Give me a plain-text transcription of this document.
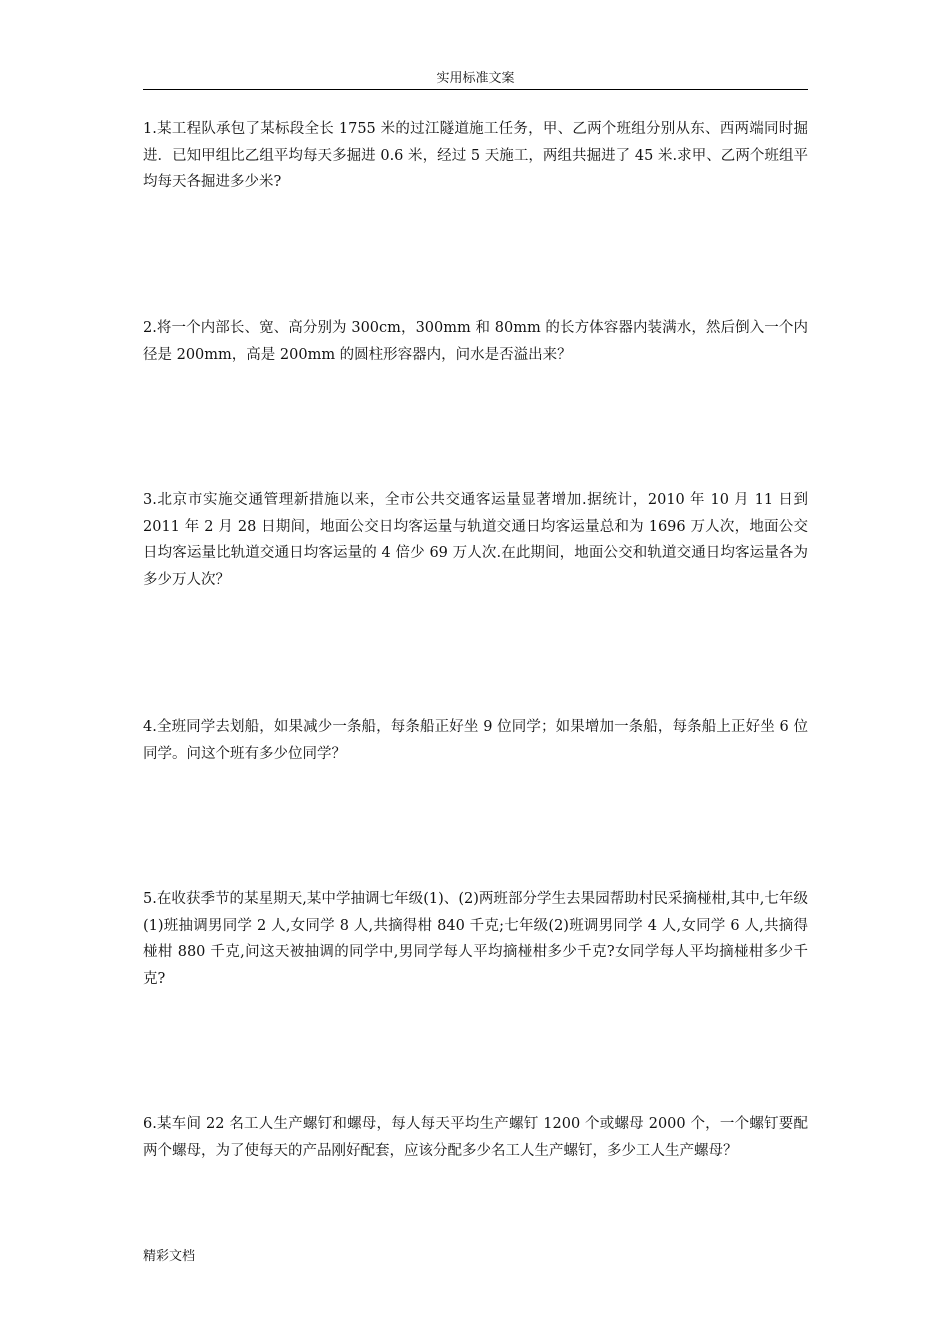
实用标准文案

1.某工程队承包了某标段全长 1755 米的过江隧道施工任务，甲、乙两个班组分别从东、西两端同时掘进．已知甲组比乙组平均每天多掘进 0.6 米，经过 5 天施工，两组共掘进了 45 米.求甲、乙两个班组平均每天各掘进多少米?

2.将一个内部长、宽、高分别为 300cm，300mm 和 80mm 的长方体容器内装满水，然后倒入一个内径是 200mm，高是 200mm 的圆柱形容器内，问水是否溢出来？

3.北京市实施交通管理新措施以来，全市公共交通客运量显著增加.据统计，2010 年 10 月 11 日到 2011 年 2 月 28 日期间，地面公交日均客运量与轨道交通日均客运量总和为 1696 万人次，地面公交日均客运量比轨道交通日均客运量的 4 倍少 69 万人次.在此期间，地面公交和轨道交通日均客运量各为多少万人次？

4.全班同学去划船，如果减少一条船，每条船正好坐 9 位同学；如果增加一条船，每条船上正好坐 6 位同学。问这个班有多少位同学？

5.在收获季节的某星期天,某中学抽调七年级(1)、(2)两班部分学生去果园帮助村民采摘椪柑,其中,七年级(1)班抽调男同学 2 人,女同学 8 人,共摘得柑 840 千克;七年级(2)班调男同学 4 人,女同学 6 人,共摘得椪柑 880 千克,问这天被抽调的同学中,男同学每人平均摘椪柑多少千克?女同学每人平均摘椪柑多少千克?

6.某车间 22 名工人生产螺钉和螺母，每人每天平均生产螺钉 1200 个或螺母 2000 个，一个螺钉要配两个螺母，为了使每天的产品刚好配套，应该分配多少名工人生产螺钉，多少工人生产螺母？

精彩文档
